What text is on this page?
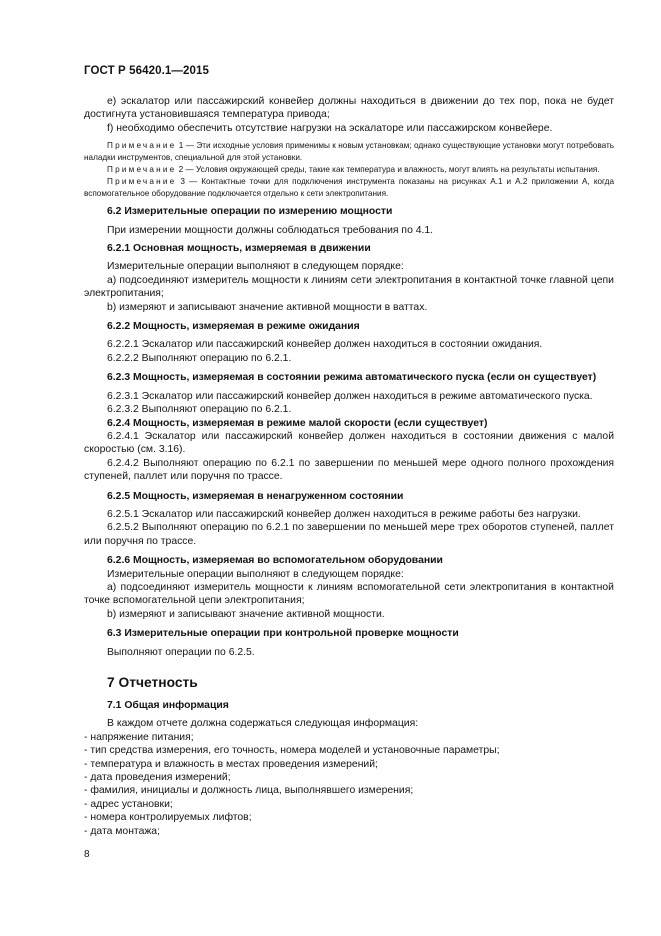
ГОСТ Р 56420.1—2015

е) эскалатор или пассажирский конвейер должны находиться в движении до тех пор, пока не будет достигнута установившаяся температура привода;

f) необходимо обеспечить отсутствие нагрузки на эскалаторе или пассажирском конвейере.

Примечание 1 — Эти исходные условия применимы к новым установкам; однако существующие установки могут потребовать наладки инструментов, специальной для этой установки.

Примечание 2 — Условия окружающей среды, такие как температура и влажность, могут влиять на результаты испытания.

Примечание 3 — Контактные точки для подключения инструмента показаны на рисунках А.1 и А.2 приложении А, когда вспомогательное оборудование подключается отдельно к сети электропитания.

6.2 Измерительные операции по измерению мощности

При измерении мощности должны соблюдаться требования по 4.1.

6.2.1 Основная мощность, измеряемая в движении

Измерительные операции выполняют в следующем порядке:

a) подсоединяют измеритель мощности к линиям сети электропитания в контактной точке главной цепи электропитания;

b) измеряют и записывают значение активной мощности в ваттах.

6.2.2 Мощность, измеряемая в режиме ожидания

6.2.2.1 Эскалатор или пассажирский конвейер должен находиться в состоянии ожидания.

6.2.2.2 Выполняют операцию по 6.2.1.

6.2.3 Мощность, измеряемая в состоянии режима автоматического пуска (если он существует)

6.2.3.1 Эскалатор или пассажирский конвейер должен находиться в режиме автоматического пуска.

6.2.3.2 Выполняют операцию по 6.2.1.

6.2.4 Мощность, измеряемая в режиме малой скорости (если существует)

6.2.4.1 Эскалатор или пассажирский конвейер должен находиться в состоянии движения с малой скоростью (см. 3.16).

6.2.4.2 Выполняют операцию по 6.2.1 по завершении по меньшей мере одного полного прохождения ступеней, паллет или поручня по трассе.

6.2.5 Мощность, измеряемая в ненагруженном состоянии

6.2.5.1 Эскалатор или пассажирский конвейер должен находиться в режиме работы без нагрузки.

6.2.5.2 Выполняют операцию по 6.2.1 по завершении по меньшей мере трех оборотов ступеней, паллет или поручня по трассе.

6.2.6 Мощность, измеряемая во вспомогательном оборудовании

Измерительные операции выполняют в следующем порядке:

a) подсоединяют измеритель мощности к линиям вспомогательной сети электропитания в контактной точке вспомогательной цепи электропитания;

b) измеряют и записывают значение активной мощности.

6.3 Измерительные операции при контрольной проверке мощности

Выполняют операции по 6.2.5.

7 Отчетность

7.1 Общая информация

В каждом отчете должна содержаться следующая информация:

- напряжение питания;

- тип средства измерения, его точность, номера моделей и установочные параметры;

- температура и влажность в местах проведения измерений;

- дата проведения измерений;

- фамилия, инициалы и должность лица, выполнявшего измерения;

- адрес установки;

- номера контролируемых лифтов;

- дата монтажа;

8
